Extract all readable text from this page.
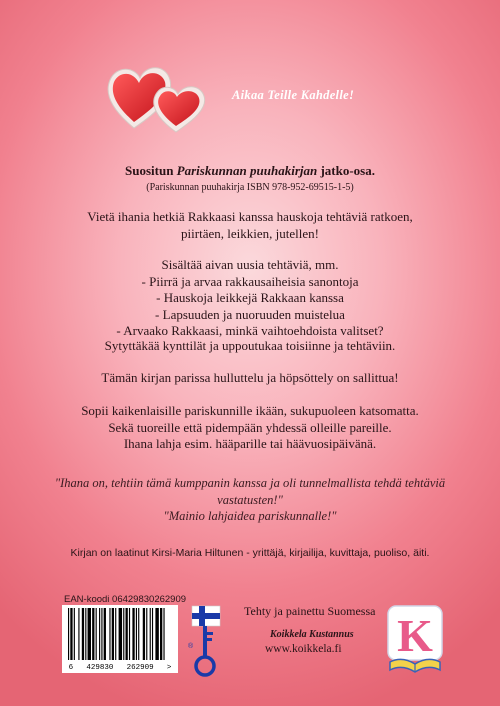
Aikaa Teille Kahdelle!
Suositun Pariskunnan puuhakirjan jatko-osa.
(Pariskunnan puuhakirja ISBN 978-952-69515-1-5)
Vietä ihania hetkiä Rakkaasi kanssa hauskoja tehtäviä ratkoen,
piirtäen, leikkien, jutellen!
Sisältää aivan uusia tehtäviä, mm.
- Piirrä ja arvaa rakkausaiheisia sanontoja
- Hauskoja leikkejä Rakkaan kanssa
- Lapsuuden ja nuoruuden muistelua
- Arvaako Rakkaasi, minkä vaihtoehdoista valitset?
Sytyttäkää kynttilät ja uppoutukaa toisiinne ja tehtäviin.
Tämän kirjan parissa hulluttelu ja höpsöttely on sallittua!
Sopii kaikenlaisille pariskunnille ikään, sukupuoleen katsomatta.
Sekä tuoreille että pidempään yhdessä olleille pareille.
Ihana lahja esim. hääparille tai häävuosipäivänä.
"Ihana on, tehtiin tämä kumppanin kanssa ja oli tunnelmallista tehdä tehtäviä
vastatusten!"
"Mainio lahjaidea pariskunnalle!"
Kirjan on laatinut Kirsi-Maria Hiltunen - yrittäjä, kirjailija, kuvittaja, puoliso, äiti.
EAN-koodi 06429830262909
6 429830 262909 >
®
Tehty ja painettu Suomessa
Koikkela Kustannus
www.koikkela.fi K
